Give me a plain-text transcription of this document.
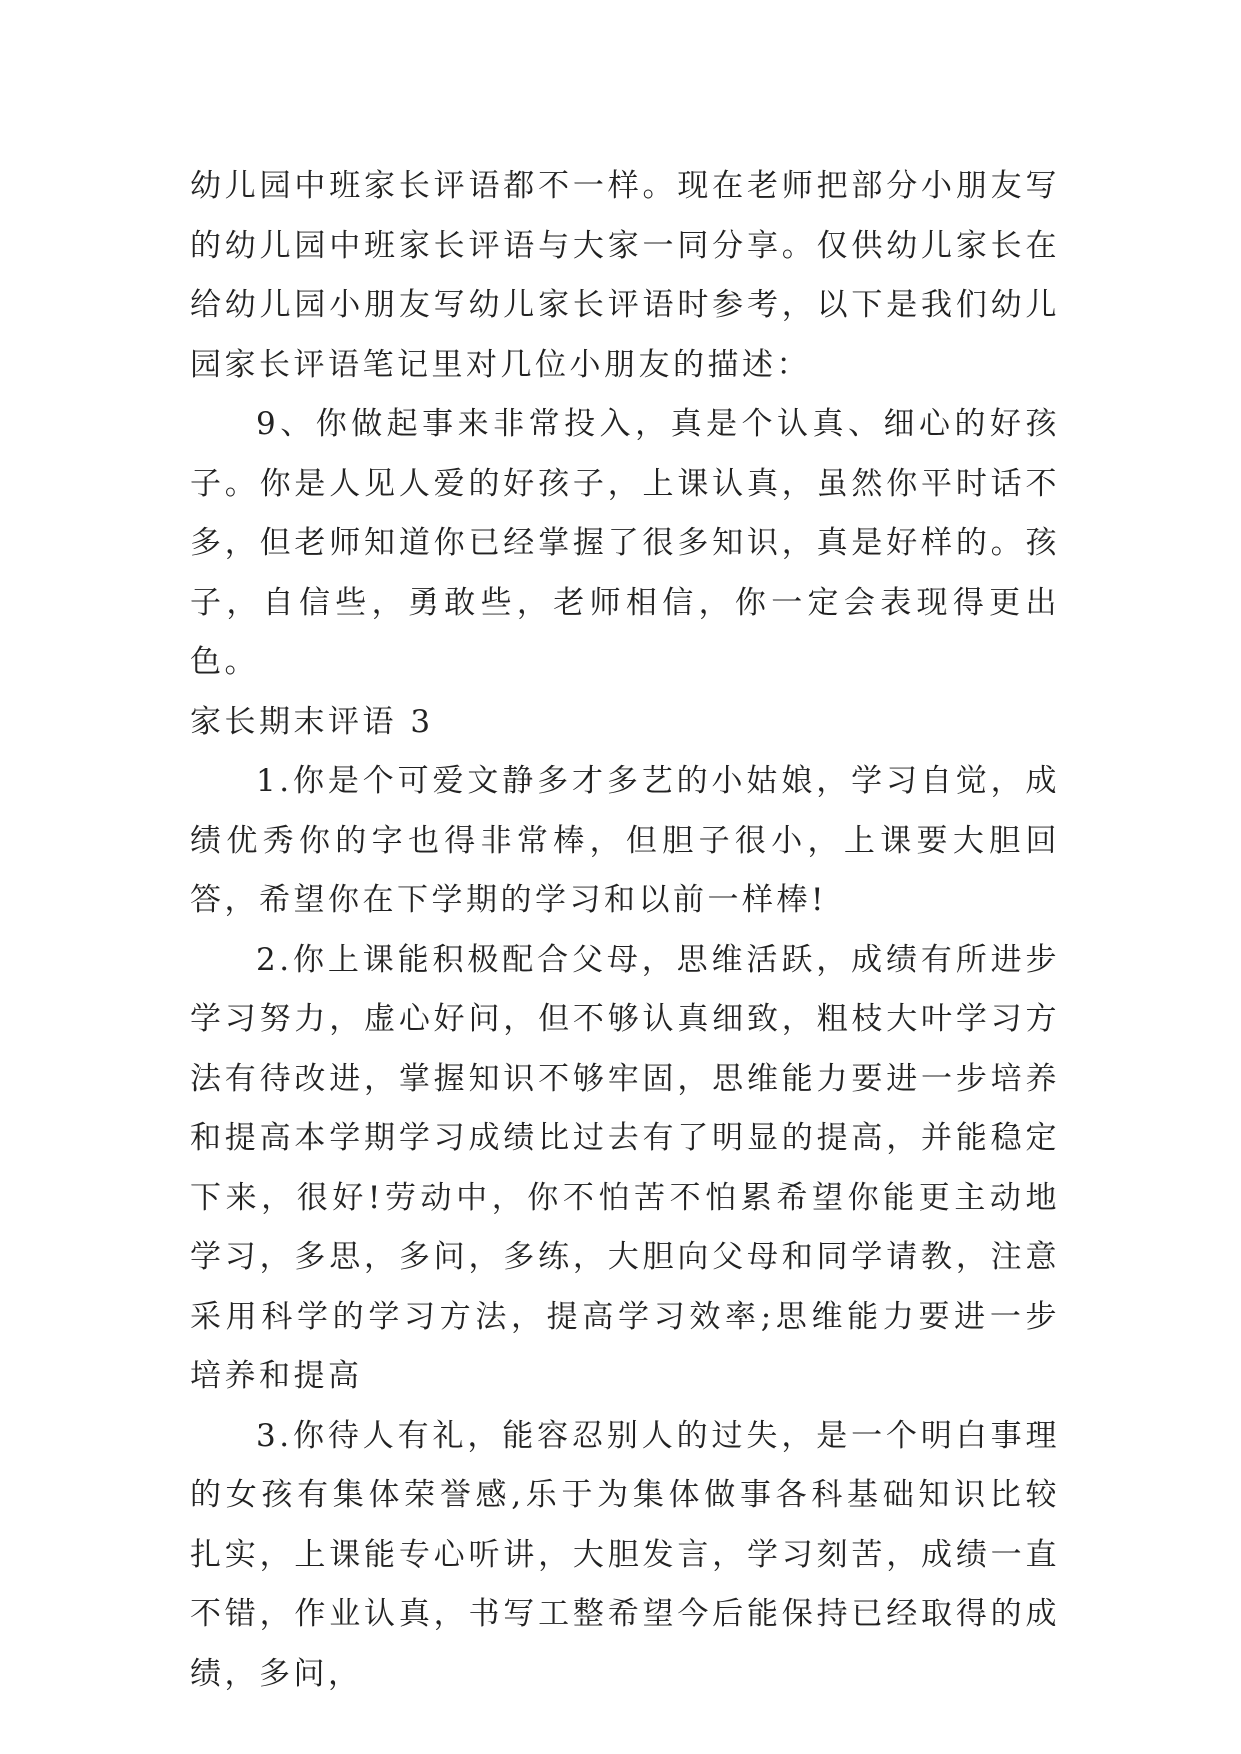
幼儿园中班家长评语都不一样。现在老师把部分小朋友写的幼儿园中班家长评语与大家一同分享。仅供幼儿家长在给幼儿园小朋友写幼儿家长评语时参考，以下是我们幼儿园家长评语笔记里对几位小朋友的描述：

9、你做起事来非常投入，真是个认真、细心的好孩子。你是人见人爱的好孩子，上课认真，虽然你平时话不多，但老师知道你已经掌握了很多知识，真是好样的。孩子，自信些，勇敢些，老师相信，你一定会表现得更出色。

家长期末评语 3

1.你是个可爱文静多才多艺的小姑娘，学习自觉，成绩优秀你的字也得非常棒，但胆子很小，上课要大胆回答，希望你在下学期的学习和以前一样棒!

2.你上课能积极配合父母，思维活跃，成绩有所进步学习努力，虚心好问，但不够认真细致，粗枝大叶学习方法有待改进，掌握知识不够牢固，思维能力要进一步培养和提高本学期学习成绩比过去有了明显的提高，并能稳定下来，很好!劳动中，你不怕苦不怕累希望你能更主动地学习，多思，多问，多练，大胆向父母和同学请教，注意采用科学的学习方法，提高学习效率;思维能力要进一步培养和提高

3.你待人有礼，能容忍别人的过失，是一个明白事理的女孩有集体荣誉感,乐于为集体做事各科基础知识比较扎实，上课能专心听讲，大胆发言，学习刻苦，成绩一直不错，作业认真，书写工整希望今后能保持已经取得的成绩，多问，
